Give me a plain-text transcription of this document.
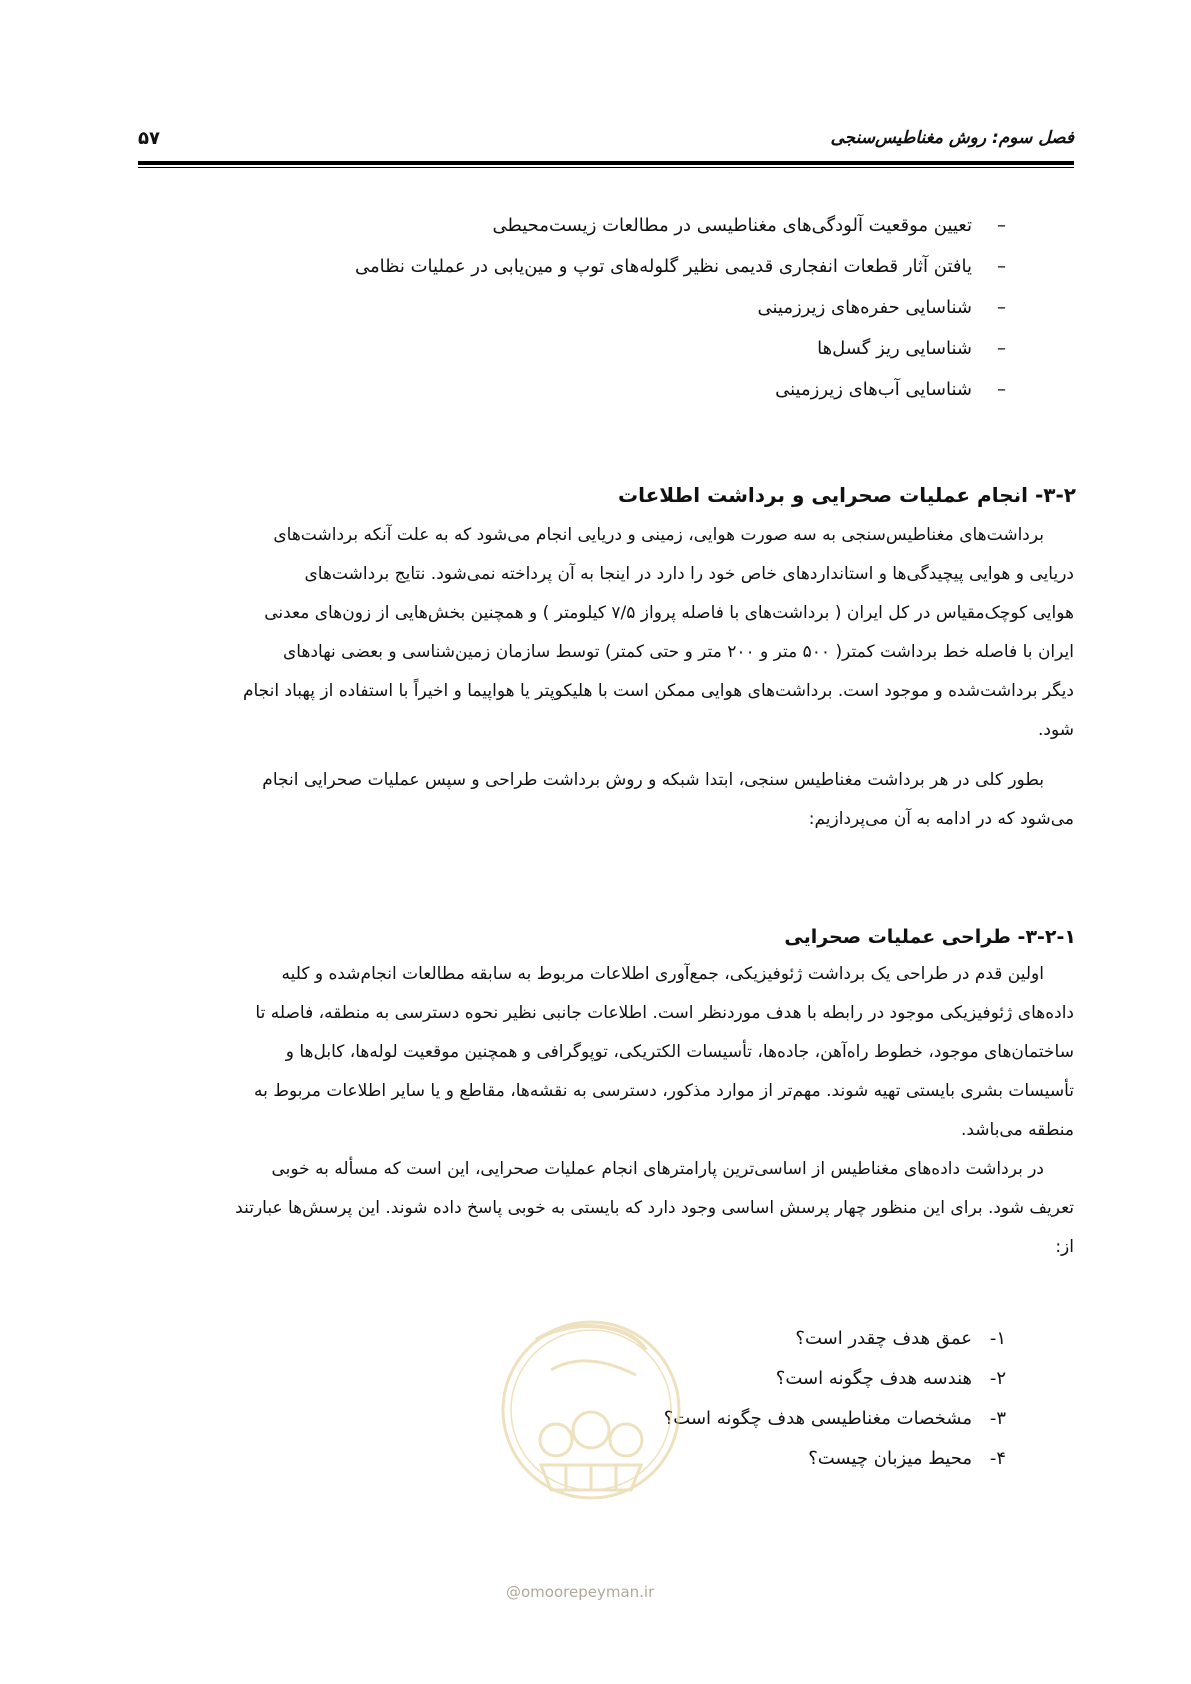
فصل سوم: روش مغناطیس‌سنجی
۵۷
–تعیین موقعیت آلودگی‌های مغناطیسی در مطالعات زیست‌محیطی
–یافتن آثار قطعات انفجاری قدیمی نظیر گلوله‌های توپ و مین‌یابی در عملیات نظامی
–شناسایی حفره‌های زیرزمینی
–شناسایی ریز گسل‌ها
–شناسایی آب‌های زیرزمینی
۳-۲- انجام عملیات صحرایی و برداشت اطلاعات

برداشت‌های مغناطیس‌سنجی به سه صورت هوایی، زمینی و دریایی انجام می‌شود که به علت آنکه برداشت‌های
دریایی و هوایی پیچیدگی‌ها و استانداردهای خاص خود را دارد در اینجا به آن پرداخته نمی‌شود. نتایج برداشت‌های
هوایی کوچک‌مقیاس در کل ایران ( برداشت‌های با فاصله پرواز ۷/۵ کیلومتر ) و همچنین بخش‌هایی از زون‌های معدنی
ایران با فاصله خط برداشت کمتر( ۵۰۰ متر و ۲۰۰ متر و حتی کمتر) توسط سازمان زمین‌شناسی و بعضی نهادهای
دیگر برداشت‌شده و موجود است. برداشت‌های هوایی ممکن است با هلیکوپتر یا هواپیما و اخیراً با استفاده از پهباد انجام
شود.

بطور کلی در هر برداشت مغناطیس سنجی، ابتدا شبکه و روش برداشت طراحی و سپس عملیات صحرایی انجام
می‌شود که در ادامه به آن می‌پردازیم:

۳-۲-۱- طراحی عملیات صحرایی

اولین قدم در طراحی یک برداشت ژئوفیزیکی، جمع‌آوری اطلاعات مربوط به سابقه مطالعات انجام‌شده و کلیه
داده‌های ژئوفیزیکی موجود در رابطه با هدف موردنظر است. اطلاعات جانبی نظیر نحوه دسترسی به منطقه، فاصله تا
ساختمان‌های موجود، خطوط راه‌آهن، جاده‌ها، تأسیسات الکتریکی، توپوگرافی و همچنین موقعیت لوله‌ها، کابل‌ها و
تأسیسات بشری بایستی تهیه شوند. مهم‌تر از موارد مذکور، دسترسی به نقشه‌ها، مقاطع و یا سایر اطلاعات مربوط به
منطقه می‌باشد.

در برداشت داده‌های مغناطیس از اساسی‌ترین پارامترهای انجام عملیات صحرایی، این است که مسأله به خوبی
تعریف شود. برای این منظور چهار پرسش اساسی وجود دارد که بایستی به خوبی پاسخ داده شوند. این پرسش‌ها عبارتند
از:

۱-عمق هدف چقدر است؟
۲-هندسه هدف چگونه است؟
۳-مشخصات مغناطیسی هدف چگونه است؟
۴-محیط میزبان چیست؟
@omoorepeyman.ir
